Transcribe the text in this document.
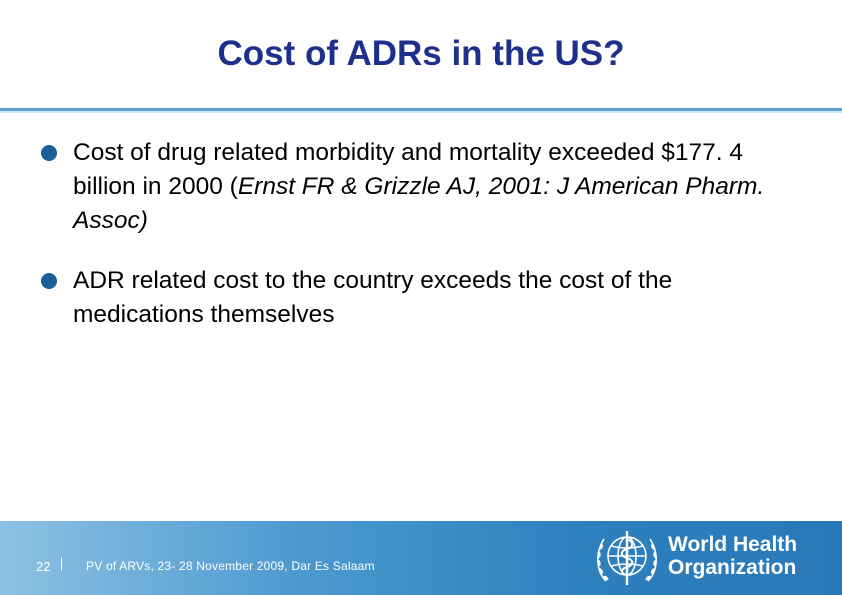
Cost of ADRs in the US?
Cost of drug related morbidity and mortality exceeded $177. 4 billion in 2000 (Ernst FR & Grizzle AJ, 2001: J American Pharm. Assoc)
ADR related cost to the country exceeds the cost of the medications themselves
22	PV of ARVs, 23- 28 November 2009, Dar Es Salaam
World Health
Organization
